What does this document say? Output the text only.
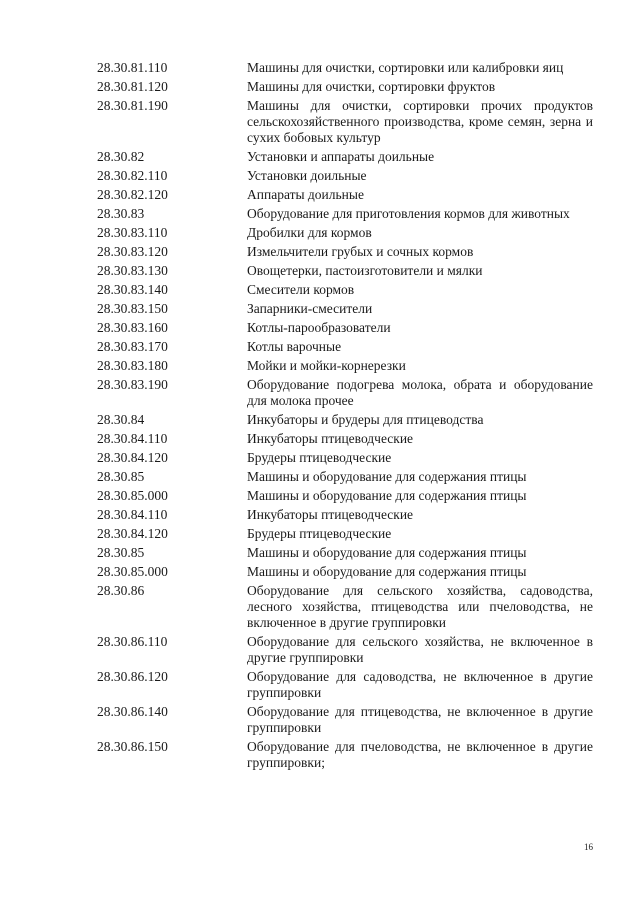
28.30.81.110	Машины для очистки, сортировки или калибровки яиц
28.30.81.120	Машины для очистки, сортировки фруктов
28.30.81.190	Машины для очистки, сортировки прочих продуктов сельскохозяйственного производства, кроме семян, зерна и сухих бобовых культур
28.30.82	Установки и аппараты доильные
28.30.82.110	Установки доильные
28.30.82.120	Аппараты доильные
28.30.83	Оборудование для приготовления кормов для животных
28.30.83.110	Дробилки для кормов
28.30.83.120	Измельчители грубых и сочных кормов
28.30.83.130	Овощетерки, пастоизготовители и мялки
28.30.83.140	Смесители кормов
28.30.83.150	Запарники-смесители
28.30.83.160	Котлы-парообразователи
28.30.83.170	Котлы варочные
28.30.83.180	Мойки и мойки-корнерезки
28.30.83.190	Оборудование подогрева молока, обрата и оборудование для молока прочее
28.30.84	Инкубаторы и брудеры для птицеводства
28.30.84.110	Инкубаторы птицеводческие
28.30.84.120	Брудеры птицеводческие
28.30.85	Машины и оборудование для содержания птицы
28.30.85.000	Машины и оборудование для содержания птицы
28.30.84.110	Инкубаторы птицеводческие
28.30.84.120	Брудеры птицеводческие
28.30.85	Машины и оборудование для содержания птицы
28.30.85.000	Машины и оборудование для содержания птицы
28.30.86	Оборудование для сельского хозяйства, садоводства, лесного хозяйства, птицеводства или пчеловодства, не включенное в другие группировки
28.30.86.110	Оборудование для сельского хозяйства, не включенное в другие группировки
28.30.86.120	Оборудование для садоводства, не включенное в другие группировки
28.30.86.140	Оборудование для птицеводства, не включенное в другие группировки
28.30.86.150	Оборудование для пчеловодства, не включенное в другие группировки;
16
